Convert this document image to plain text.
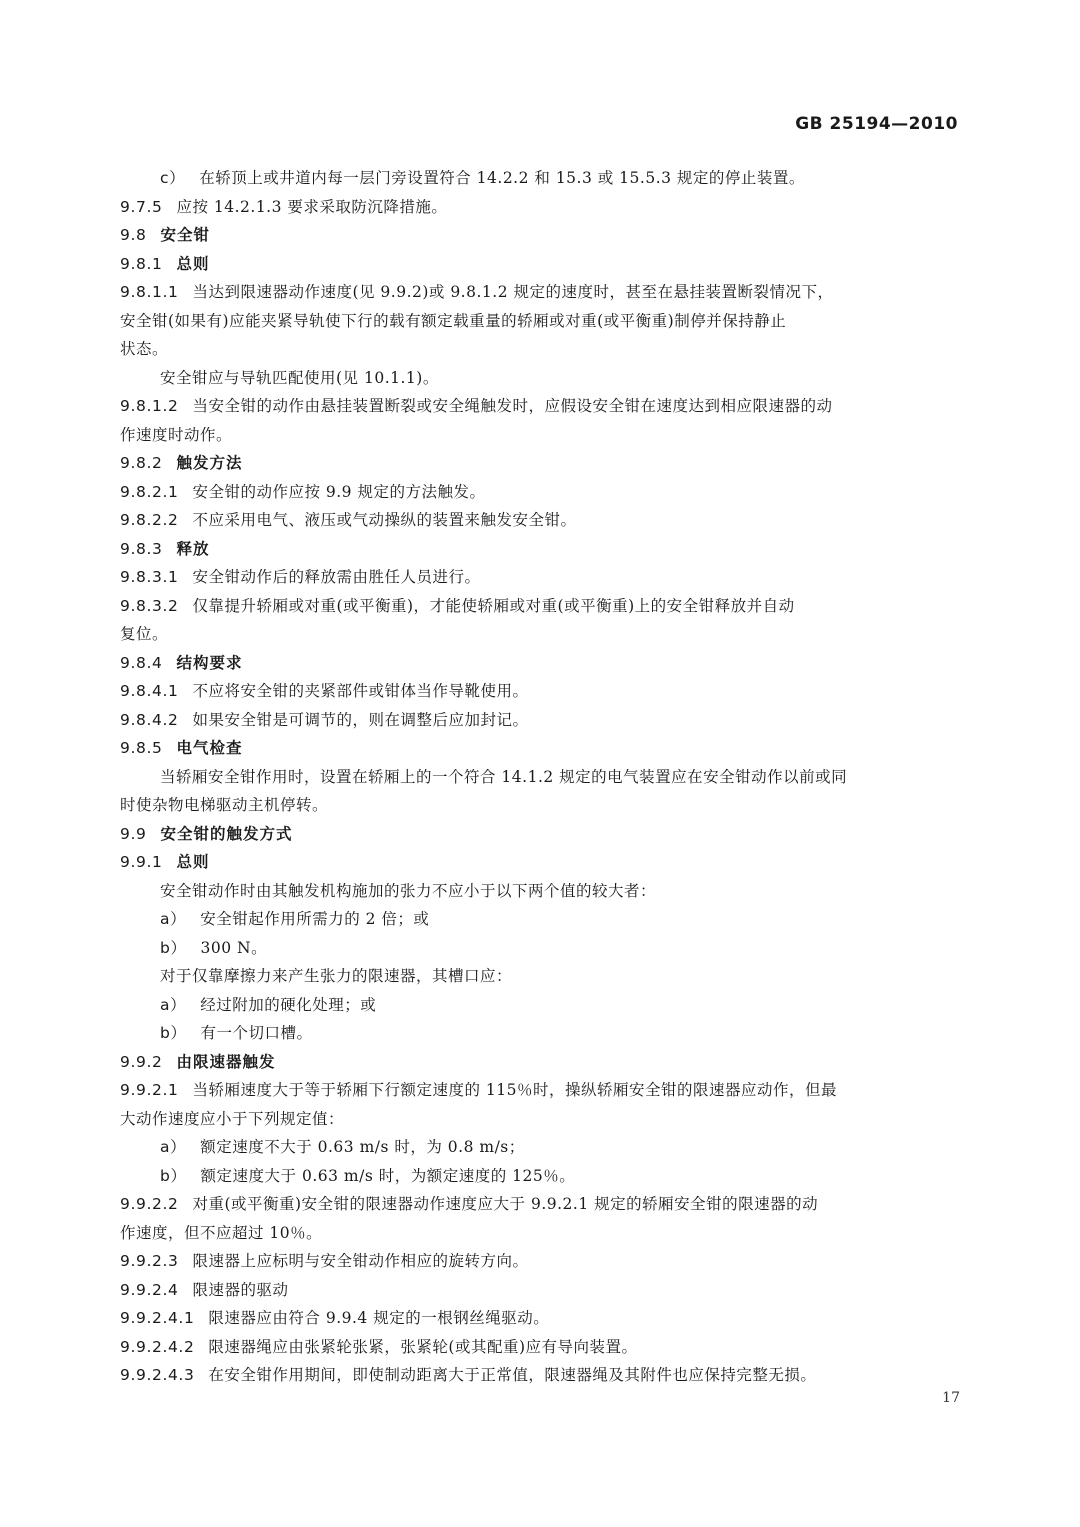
GB 25194—2010
c） 在轿顶上或井道内每一层门旁设置符合 14.2.2 和 15.3 或 15.5.3 规定的停止装置。
9.7.5 应按 14.2.1.3 要求采取防沉降措施。
9.8 安全钳
9.8.1 总则
9.8.1.1 当达到限速器动作速度(见 9.9.2)或 9.8.1.2 规定的速度时，甚至在悬挂装置断裂情况下，
安全钳(如果有)应能夹紧导轨使下行的载有额定载重量的轿厢或对重(或平衡重)制停并保持静止
状态。
安全钳应与导轨匹配使用(见 10.1.1)。
9.8.1.2 当安全钳的动作由悬挂装置断裂或安全绳触发时，应假设安全钳在速度达到相应限速器的动
作速度时动作。
9.8.2 触发方法
9.8.2.1 安全钳的动作应按 9.9 规定的方法触发。
9.8.2.2 不应采用电气、液压或气动操纵的装置来触发安全钳。
9.8.3 释放
9.8.3.1 安全钳动作后的释放需由胜任人员进行。
9.8.3.2 仅靠提升轿厢或对重(或平衡重)，才能使轿厢或对重(或平衡重)上的安全钳释放并自动
复位。
9.8.4 结构要求
9.8.4.1 不应将安全钳的夹紧部件或钳体当作导靴使用。
9.8.4.2 如果安全钳是可调节的，则在调整后应加封记。
9.8.5 电气检查
当轿厢安全钳作用时，设置在轿厢上的一个符合 14.1.2 规定的电气装置应在安全钳动作以前或同
时使杂物电梯驱动主机停转。
9.9 安全钳的触发方式
9.9.1 总则
安全钳动作时由其触发机构施加的张力不应小于以下两个值的较大者：
a） 安全钳起作用所需力的 2 倍；或
b） 300 N。
对于仅靠摩擦力来产生张力的限速器，其槽口应：
a） 经过附加的硬化处理；或
b） 有一个切口槽。
9.9.2 由限速器触发
9.9.2.1 当轿厢速度大于等于轿厢下行额定速度的 115％时，操纵轿厢安全钳的限速器应动作，但最
大动作速度应小于下列规定值：
a） 额定速度不大于 0.63 m/s 时，为 0.8 m/s；
b） 额定速度大于 0.63 m/s 时，为额定速度的 125％。
9.9.2.2 对重(或平衡重)安全钳的限速器动作速度应大于 9.9.2.1 规定的轿厢安全钳的限速器的动
作速度，但不应超过 10％。
9.9.2.3 限速器上应标明与安全钳动作相应的旋转方向。
9.9.2.4 限速器的驱动
9.9.2.4.1 限速器应由符合 9.9.4 规定的一根钢丝绳驱动。
9.9.2.4.2 限速器绳应由张紧轮张紧，张紧轮(或其配重)应有导向装置。
9.9.2.4.3 在安全钳作用期间，即使制动距离大于正常值，限速器绳及其附件也应保持完整无损。
17
